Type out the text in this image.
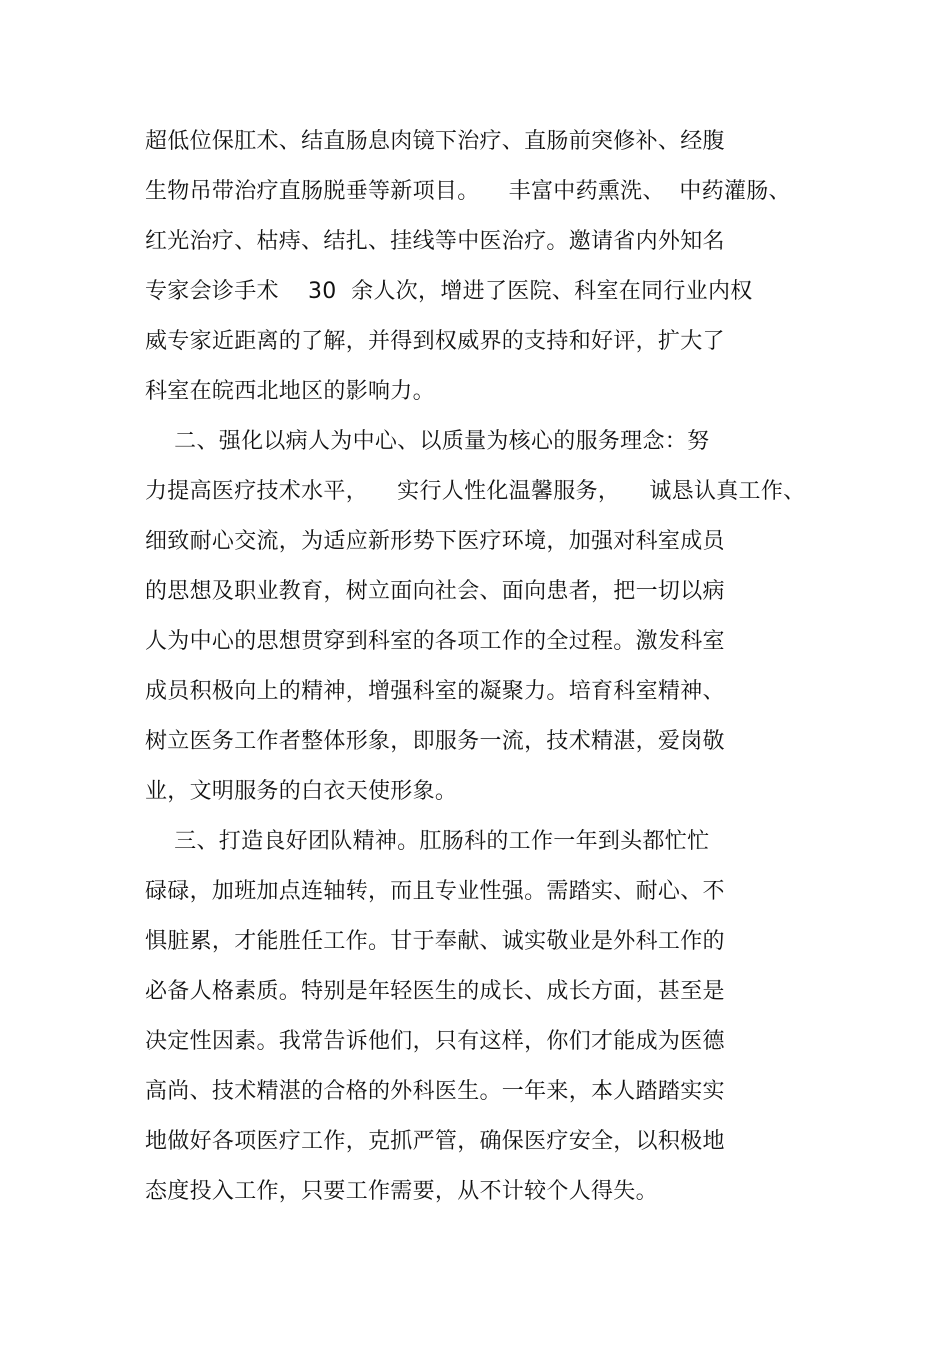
超低位保肛术、结直肠息肉镜下治疗、直肠前突修补、经腹
生物吊带治疗直肠脱垂等新项目。    丰富中药熏洗、  中药灌肠、
红光治疗、枯痔、结扎、挂线等中医治疗。邀请省内外知名
专家会诊手术    30  余人次，增进了医院、科室在同行业内权
威专家近距离的了解，并得到权威界的支持和好评，扩大了
科室在皖西北地区的影响力。
二、强化以病人为中心、以质量为核心的服务理念：努
力提高医疗技术水平，    实行人性化温馨服务，    诚恳认真工作、
细致耐心交流，为适应新形势下医疗环境，加强对科室成员
的思想及职业教育，树立面向社会、面向患者，把一切以病
人为中心的思想贯穿到科室的各项工作的全过程。激发科室
成员积极向上的精神，增强科室的凝聚力。培育科室精神、
树立医务工作者整体形象，即服务一流，技术精湛，爱岗敬
业，文明服务的白衣天使形象。
三、打造良好团队精神。肛肠科的工作一年到头都忙忙
碌碌，加班加点连轴转，而且专业性强。需踏实、耐心、不
惧脏累，才能胜任工作。甘于奉献、诚实敬业是外科工作的
必备人格素质。特别是年轻医生的成长、成长方面，甚至是
决定性因素。我常告诉他们，只有这样，你们才能成为医德
高尚、技术精湛的合格的外科医生。一年来，本人踏踏实实
地做好各项医疗工作，克抓严管，确保医疗安全，以积极地
态度投入工作，只要工作需要，从不计较个人得失。
